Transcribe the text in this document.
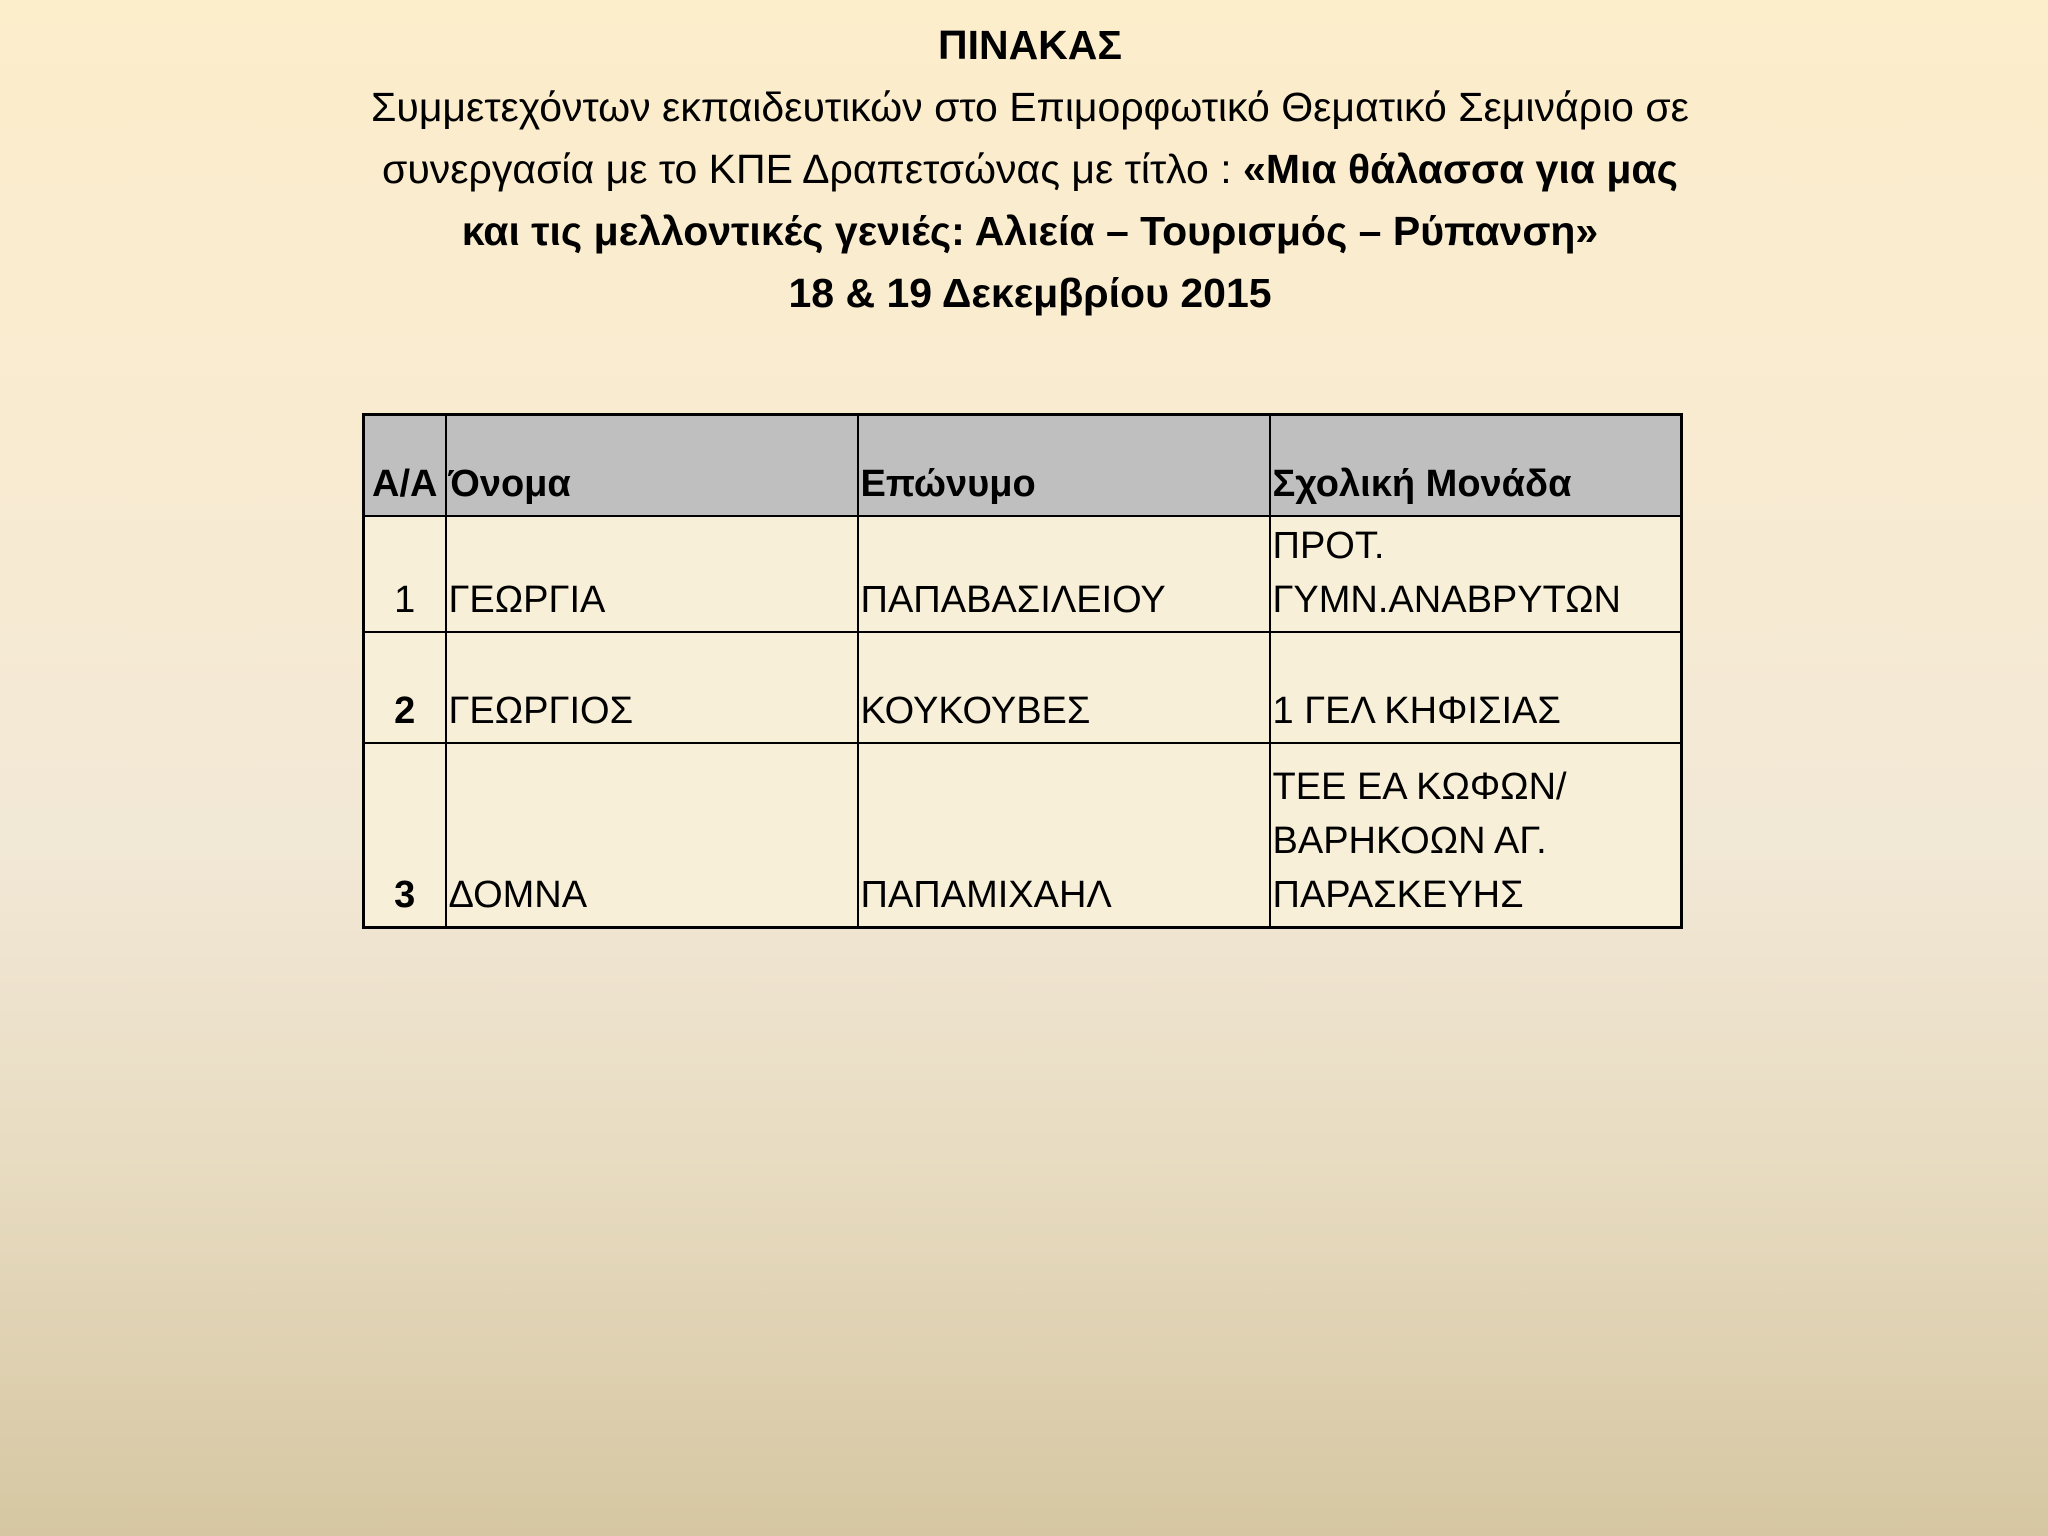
ΠΙΝΑΚΑΣ
Συμμετεχόντων εκπαιδευτικών στο Επιμορφωτικό Θεματικό Σεμινάριο σε
συνεργασία με το ΚΠΕ Δραπετσώνας με τίτλο : «Μια θάλασσα για μας
και τις μελλοντικές γενιές: Αλιεία – Τουρισμός – Ρύπανση»
18 & 19 Δεκεμβρίου 2015
Α/Α	Όνομα	Επώνυμο	Σχολική Μονάδα
1	ΓΕΩΡΓΙΑ	ΠΑΠΑΒΑΣΙΛΕΙΟΥ	ΠΡΟΤ.
ΓΥΜΝ.ΑΝΑΒΡΥΤΩΝ

2	ΓΕΩΡΓΙΟΣ	ΚΟΥΚΟΥΒΕΣ	1 ΓΕΛ ΚΗΦΙΣΙΑΣ

3	ΔΟΜΝΑ	ΠΑΠΑΜΙΧΑΗΛ	ΤΕΕ ΕΑ ΚΩΦΩΝ/
ΒΑΡΗΚΟΩΝ ΑΓ.
ΠΑΡΑΣΚΕΥΗΣ
